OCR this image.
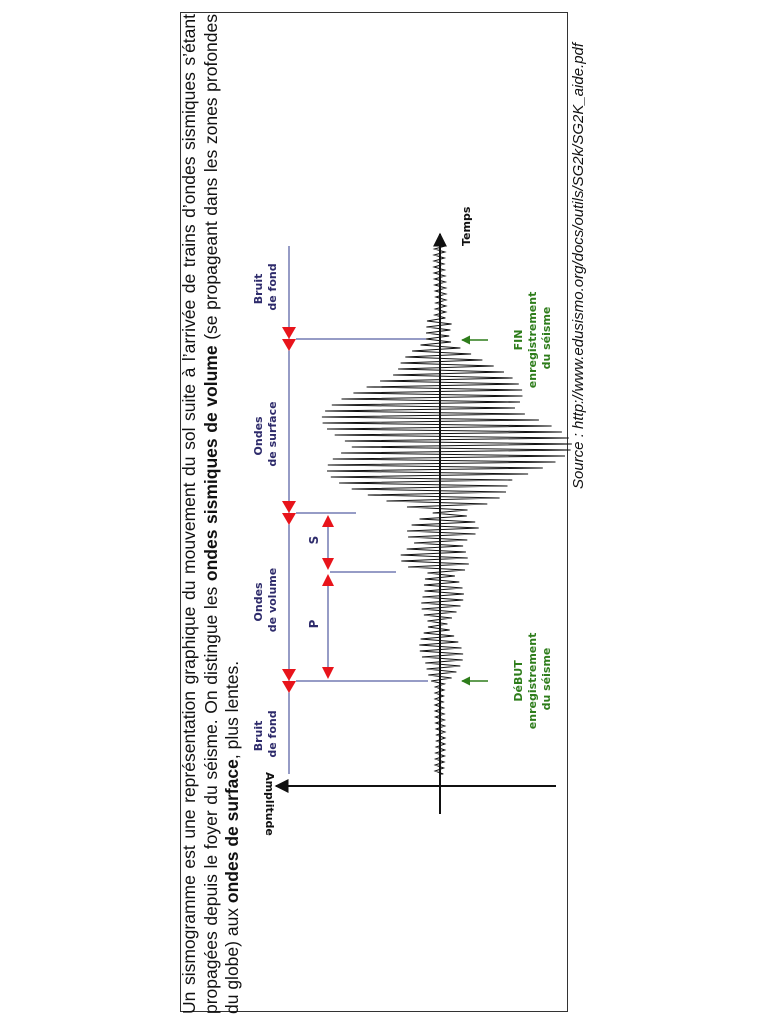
Un sismogramme est une représentation graphique du mouvement du sol suite à l’arrivée de trains d’ondes sismiques s’étant propagées depuis le foyer du séisme. On distingue les ondes sismiques de volume (se propageant dans les zones profondes du globe) aux ondes de surface, plus lentes. Bruit de fond
Ondes de volume
Ondes de surface
Bruit de fond
P
S
Temps
Amplitude
DéBUT enregistrement du séisme
FIN enregistrement du séisme Source : http://www.edusismo.org/docs/outils/SG2k/SG2K_aide.pdf
